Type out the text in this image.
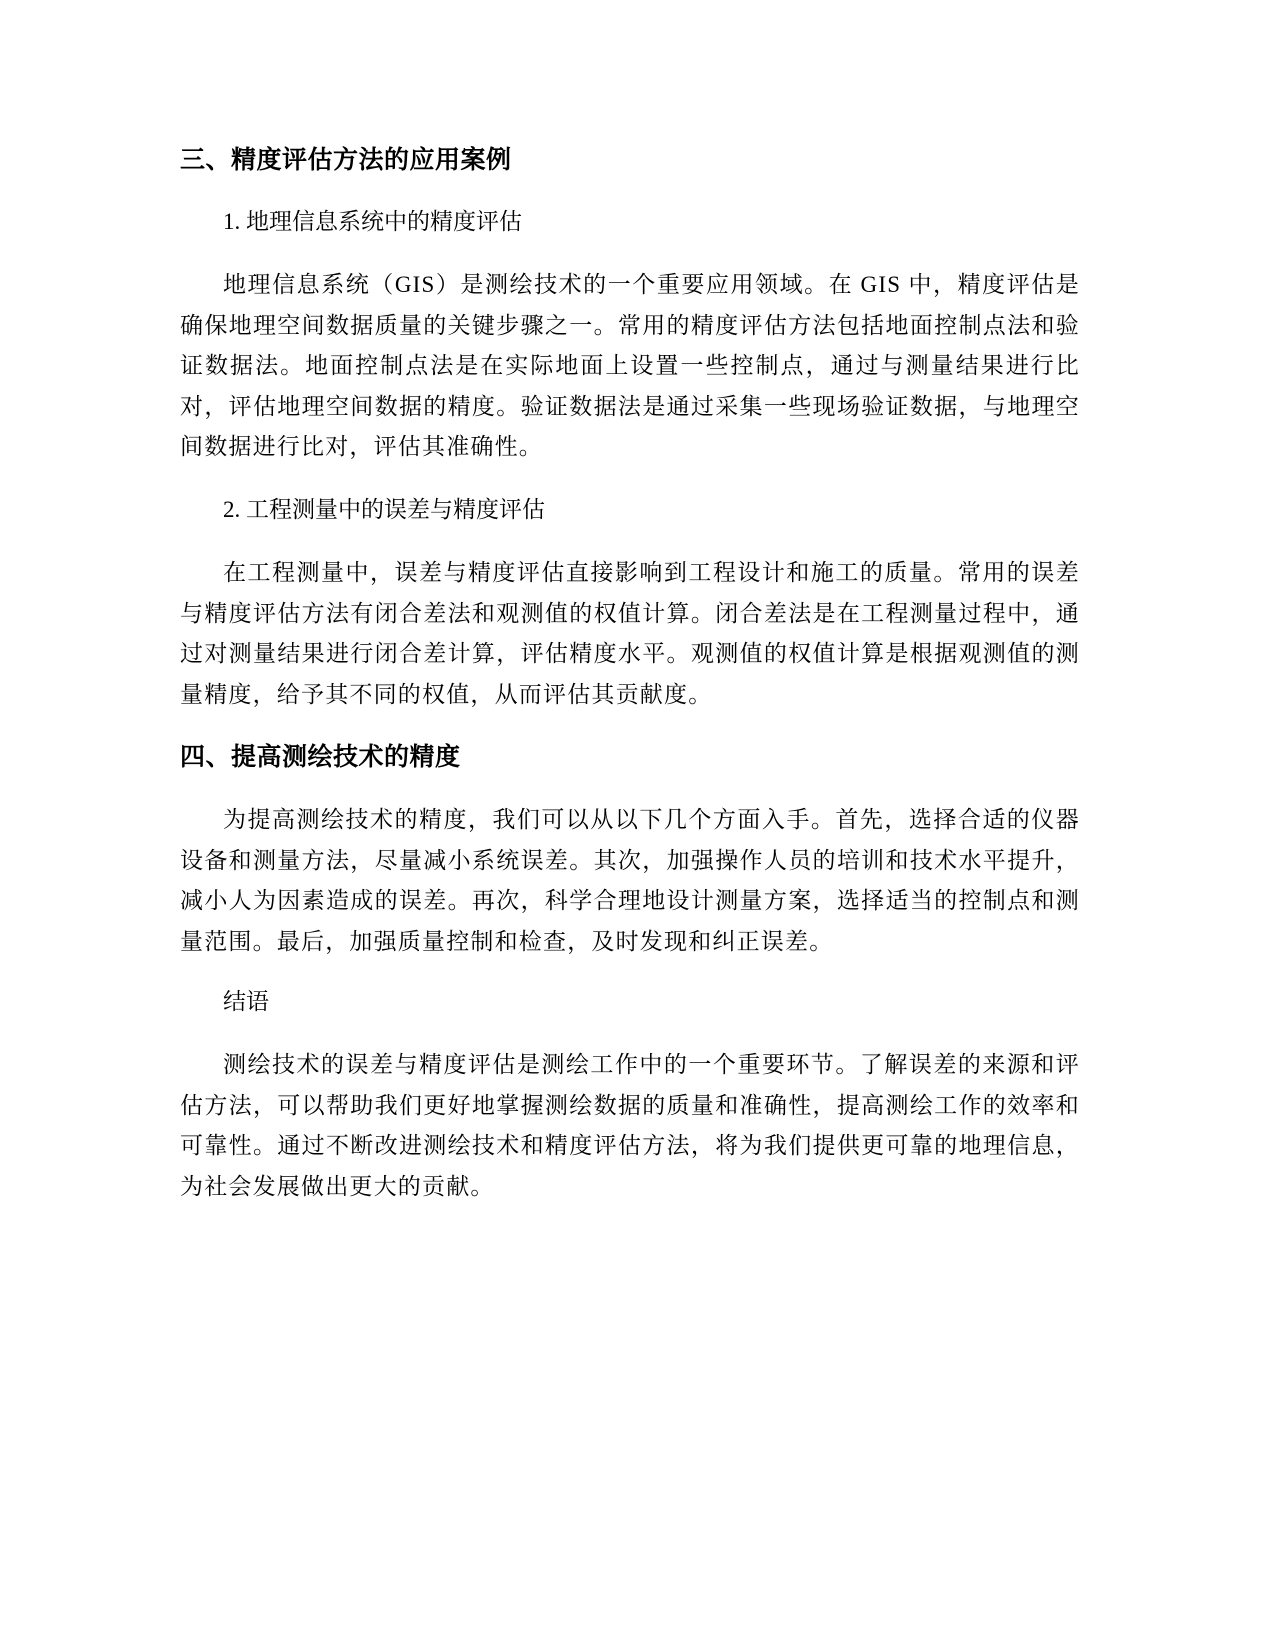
三、精度评估方法的应用案例

1. 地理信息系统中的精度评估

地理信息系统（GIS）是测绘技术的一个重要应用领域。在 GIS 中，精度评估是确保地理空间数据质量的关键步骤之一。常用的精度评估方法包括地面控制点法和验证数据法。地面控制点法是在实际地面上设置一些控制点，通过与测量结果进行比对，评估地理空间数据的精度。验证数据法是通过采集一些现场验证数据，与地理空间数据进行比对，评估其准确性。

2. 工程测量中的误差与精度评估

在工程测量中，误差与精度评估直接影响到工程设计和施工的质量。常用的误差与精度评估方法有闭合差法和观测值的权值计算。闭合差法是在工程测量过程中，通过对测量结果进行闭合差计算，评估精度水平。观测值的权值计算是根据观测值的测量精度，给予其不同的权值，从而评估其贡献度。

四、提高测绘技术的精度

为提高测绘技术的精度，我们可以从以下几个方面入手。首先，选择合适的仪器设备和测量方法，尽量减小系统误差。其次，加强操作人员的培训和技术水平提升，减小人为因素造成的误差。再次，科学合理地设计测量方案，选择适当的控制点和测量范围。最后，加强质量控制和检查，及时发现和纠正误差。

结语

测绘技术的误差与精度评估是测绘工作中的一个重要环节。了解误差的来源和评估方法，可以帮助我们更好地掌握测绘数据的质量和准确性，提高测绘工作的效率和可靠性。通过不断改进测绘技术和精度评估方法，将为我们提供更可靠的地理信息，为社会发展做出更大的贡献。
